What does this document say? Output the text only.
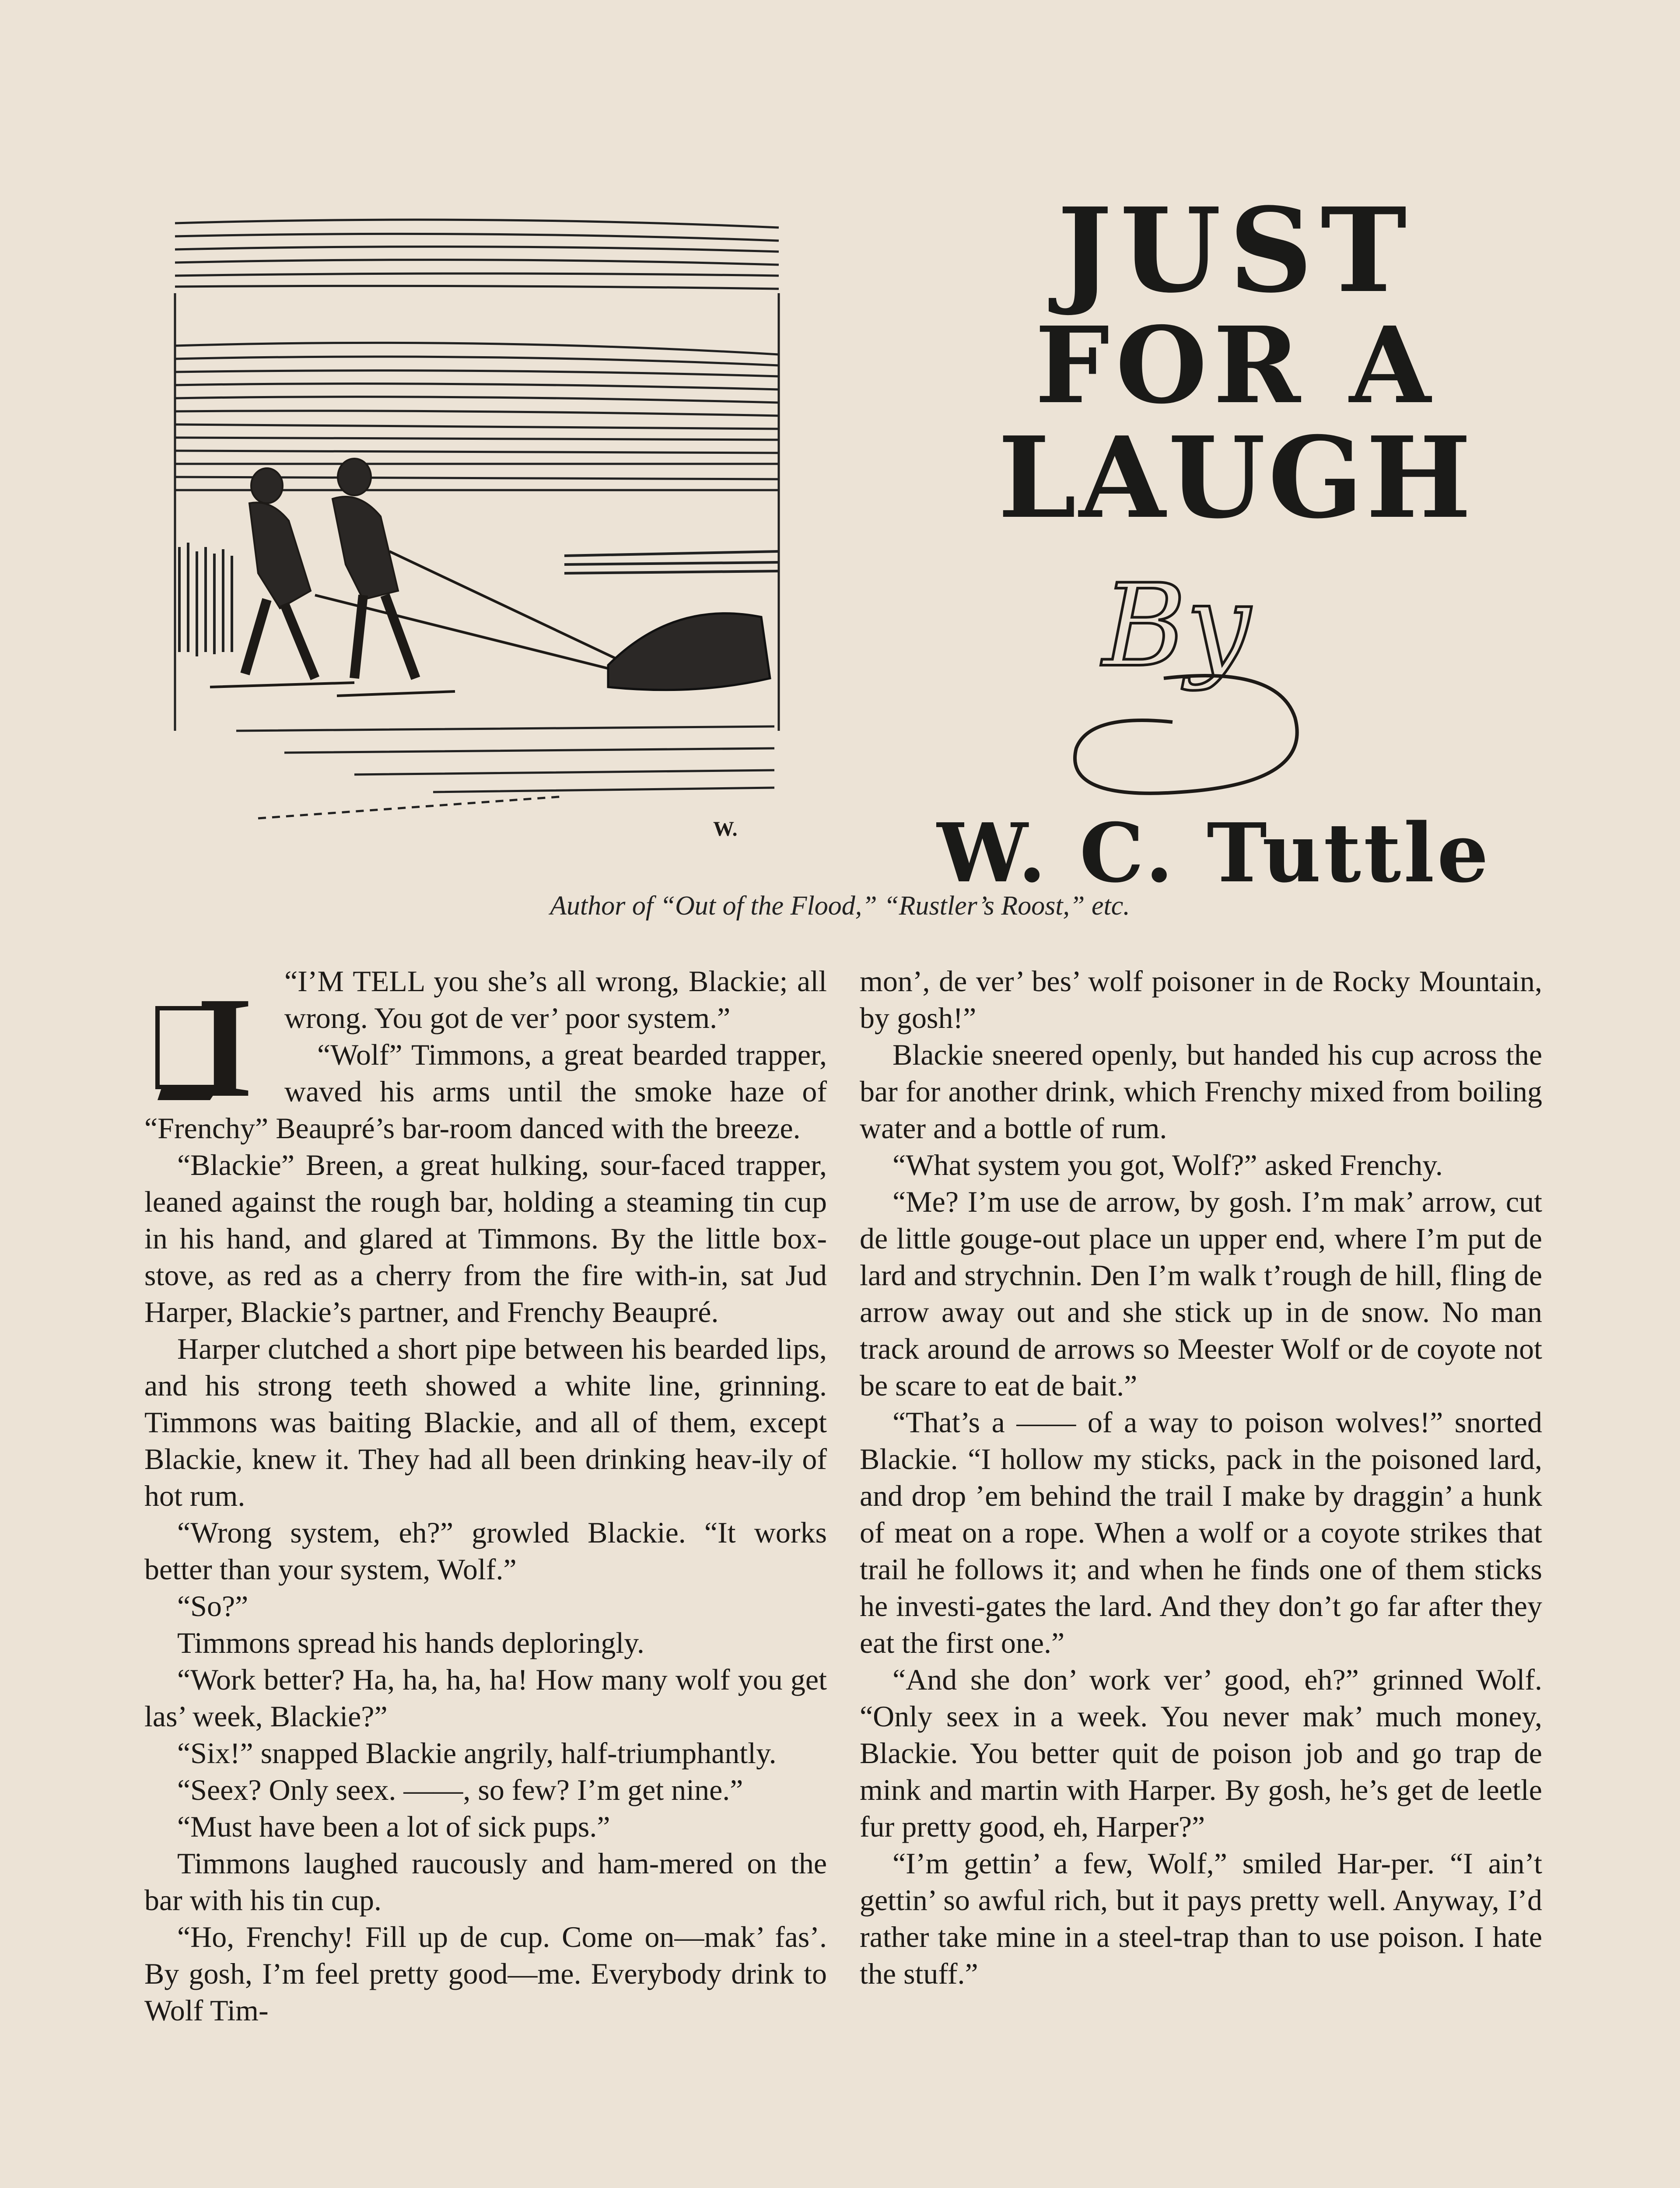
W.
JUST
FOR A
LAUGH
By
W. C. Tuttle
Author of “Out of the Flood,” “Rustler’s Roost,” etc.
I	“I’M TELL you she’s all wrong, Blackie; all wrong. You got de ver’ poor system.”

“Wolf” Timmons, a great bearded trapper, waved his arms until the smoke haze of “Frenchy” Beaupré’s bar-room danced with the breeze.

“Blackie” Breen, a great hulking, sour-faced trapper, leaned against the rough bar, holding a steaming tin cup in his hand, and glared at Timmons. By the little box-stove, as red as a cherry from the fire with-in, sat Jud Harper, Blackie’s partner, and Frenchy Beaupré.

Harper clutched a short pipe between his bearded lips, and his strong teeth showed a white line, grinning. Timmons was baiting Blackie, and all of them, except Blackie, knew it. They had all been drinking heav-ily of hot rum.

“Wrong system, eh?” growled Blackie. “It works better than your system, Wolf.”

“So?”

Timmons spread his hands deploringly.

“Work better? Ha, ha, ha, ha! How many wolf you get las’ week, Blackie?”

“Six!” snapped Blackie angrily, half-triumphantly.

“Seex? Only seex. ——, so few? I’m get nine.”

“Must have been a lot of sick pups.”

Timmons laughed raucously and ham-mered on the bar with his tin cup.

“Ho, Frenchy! Fill up de cup. Come on—mak’ fas’. By gosh, I’m feel pretty good—me. Everybody drink to Wolf Tim-

mon’, de ver’ bes’ wolf poisoner in de Rocky Mountain, by gosh!”

Blackie sneered openly, but handed his cup across the bar for another drink, which Frenchy mixed from boiling water and a bottle of rum.

“What system you got, Wolf?” asked Frenchy.

“Me? I’m use de arrow, by gosh. I’m mak’ arrow, cut de little gouge-out place un upper end, where I’m put de lard and strychnin. Den I’m walk t’rough de hill, fling de arrow away out and she stick up in de snow. No man track around de arrows so Meester Wolf or de coyote not be scare to eat de bait.”

“That’s a —— of a way to poison wolves!” snorted Blackie. “I hollow my sticks, pack in the poisoned lard, and drop ’em behind the trail I make by draggin’ a hunk of meat on a rope. When a wolf or a coyote strikes that trail he follows it; and when he finds one of them sticks he investi-gates the lard. And they don’t go far after they eat the first one.”

“And she don’ work ver’ good, eh?” grinned Wolf. “Only seex in a week. You never mak’ much money, Blackie. You better quit de poison job and go trap de mink and martin with Harper. By gosh, he’s get de leetle fur pretty good, eh, Harper?”

“I’m gettin’ a few, Wolf,” smiled Har-per. “I ain’t gettin’ so awful rich, but it pays pretty well. Anyway, I’d rather take mine in a steel-trap than to use poison. I hate the stuff.”
